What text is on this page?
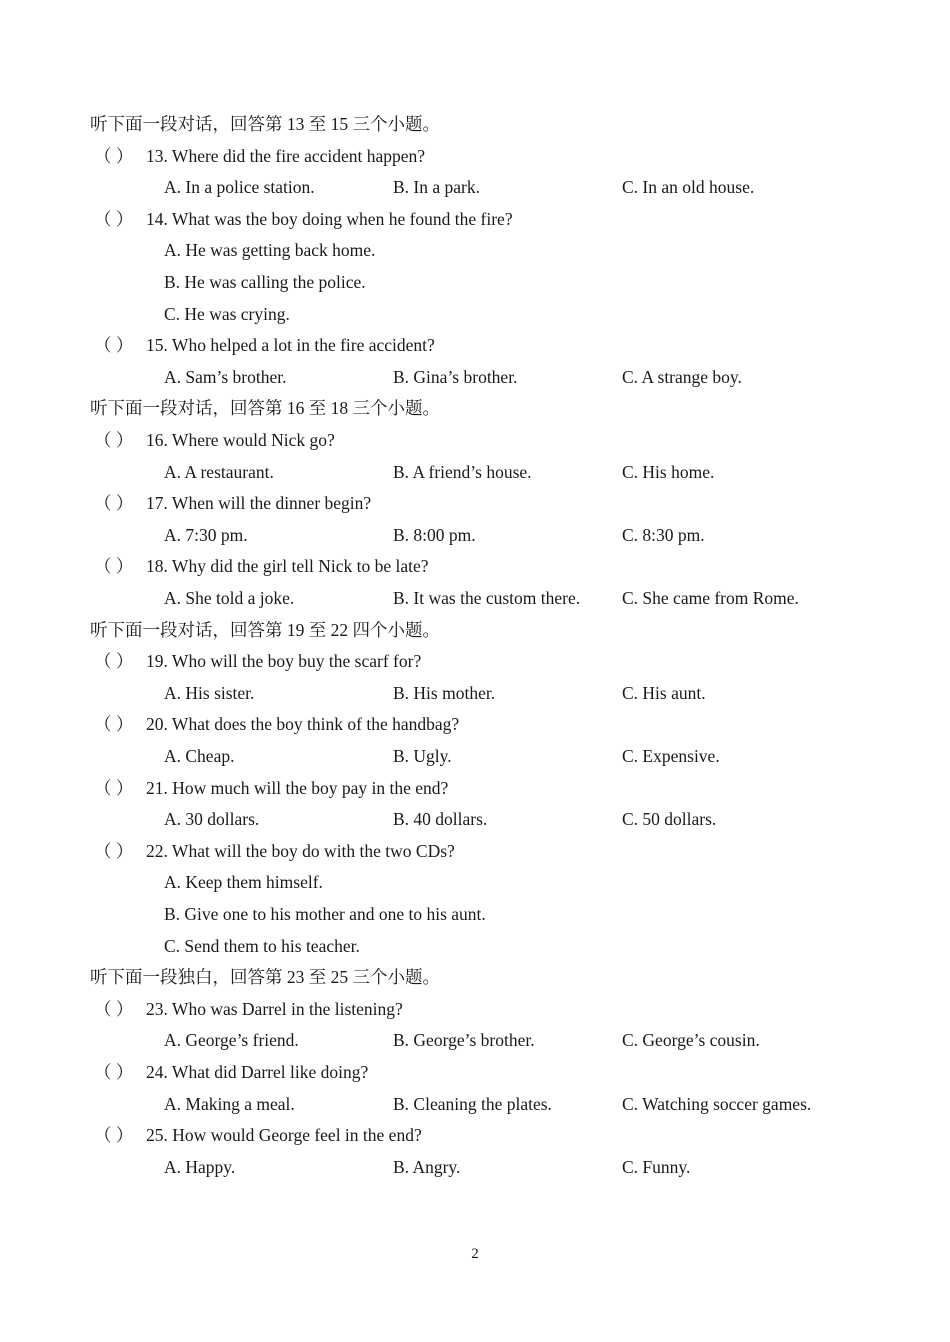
2
听下面一段对话，回答第 13 至 15 三个小题。
（ ） 13. Where did the fire accident happen?
A. In a police station.	B. In a park.	C. In an old house.
（ ） 14. What was the boy doing when he found the fire?
A. He was getting back home.
B. He was calling the police.
C. He was crying.
（ ） 15. Who helped a lot in the fire accident?
A. Sam’s brother.	B. Gina’s brother.	C. A strange boy.
听下面一段对话，回答第 16 至 18 三个小题。
（ ） 16. Where would Nick go?
A. A restaurant.	B. A friend’s house.	C. His home.
（ ） 17. When will the dinner begin?
A. 7:30 pm.	B. 8:00 pm.	C. 8:30 pm.
（ ） 18. Why did the girl tell Nick to be late?
A. She told a joke.	B. It was the custom there. C. She came from Rome.
听下面一段对话，回答第 19 至 22 四个小题。
（ ） 19. Who will the boy buy the scarf for?
A. His sister.	B. His mother.	C. His aunt.
（ ） 20. What does the boy think of the handbag?
A. Cheap.	B. Ugly.	C. Expensive.
（ ） 21. How much will the boy pay in the end?
A. 30 dollars.	B. 40 dollars.	C. 50 dollars.
（ ） 22. What will the boy do with the two CDs?
A. Keep them himself.
B. Give one to his mother and one to his aunt.
C. Send them to his teacher.
听下面一段独白，回答第 23 至 25 三个小题。
（ ） 23. Who was Darrel in the listening?
A. George’s friend.	B. George’s brother.	C. George’s cousin.
（ ） 24. What did Darrel like doing?
A. Making a meal.	B. Cleaning the plates.	C. Watching soccer games.
（ ） 25. How would George feel in the end?
A. Happy.	B. Angry.	C. Funny.
